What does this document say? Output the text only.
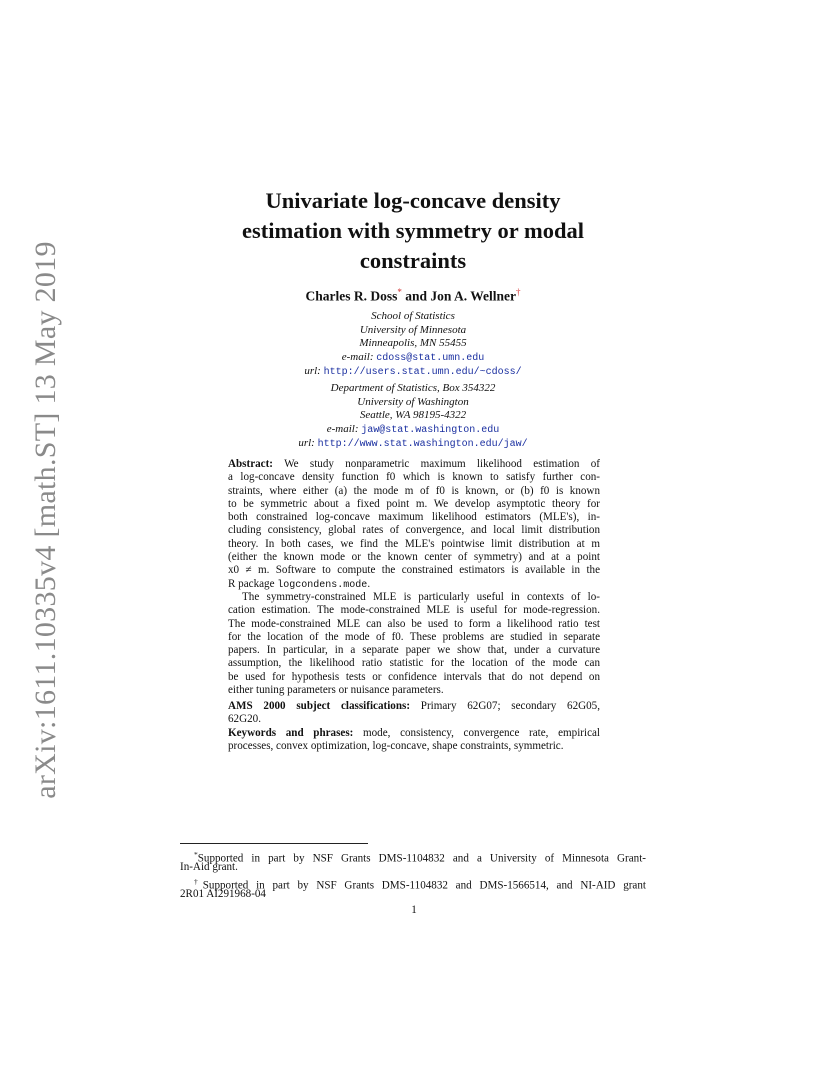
arXiv:1611.10335v4 [math.ST] 13 May 2019
Univariate log-concave density
estimation with symmetry or modal
constraints
Charles R. Doss* and Jon A. Wellner†
School of Statistics
University of Minnesota
Minneapolis, MN 55455
e-mail: cdoss@stat.umn.edu
url: http://users.stat.umn.edu/~cdoss/
Department of Statistics, Box 354322
University of Washington
Seattle, WA 98195-4322
e-mail: jaw@stat.washington.edu
url: http://www.stat.washington.edu/jaw/
Abstract: We study nonparametric maximum likelihood estimation of
a log-concave density function f0 which is known to satisfy further con-
straints, where either (a) the mode m of f0 is known, or (b) f0 is known
to be symmetric about a fixed point m. We develop asymptotic theory for
both constrained log-concave maximum likelihood estimators (MLE's), in-
cluding consistency, global rates of convergence, and local limit distribution
theory. In both cases, we find the MLE's pointwise limit distribution at m
(either the known mode or the known center of symmetry) and at a point
x0 ≠ m. Software to compute the constrained estimators is available in the
R package logcondens.mode.
The symmetry-constrained MLE is particularly useful in contexts of lo-
cation estimation. The mode-constrained MLE is useful for mode-regression.
The mode-constrained MLE can also be used to form a likelihood ratio test
for the location of the mode of f0. These problems are studied in separate
papers. In particular, in a separate paper we show that, under a curvature
assumption, the likelihood ratio statistic for the location of the mode can
be used for hypothesis tests or confidence intervals that do not depend on
either tuning parameters or nuisance parameters.
AMS 2000 subject classifications: Primary 62G07; secondary 62G05,
62G20.
Keywords and phrases: mode, consistency, convergence rate, empirical
processes, convex optimization, log-concave, shape constraints, symmetric.
*Supported in part by NSF Grants DMS-1104832 and a University of Minnesota Grant-
In-Aid grant.
†Supported in part by NSF Grants DMS-1104832 and DMS-1566514, and NI-AID grant
2R01 AI291968-04
1
